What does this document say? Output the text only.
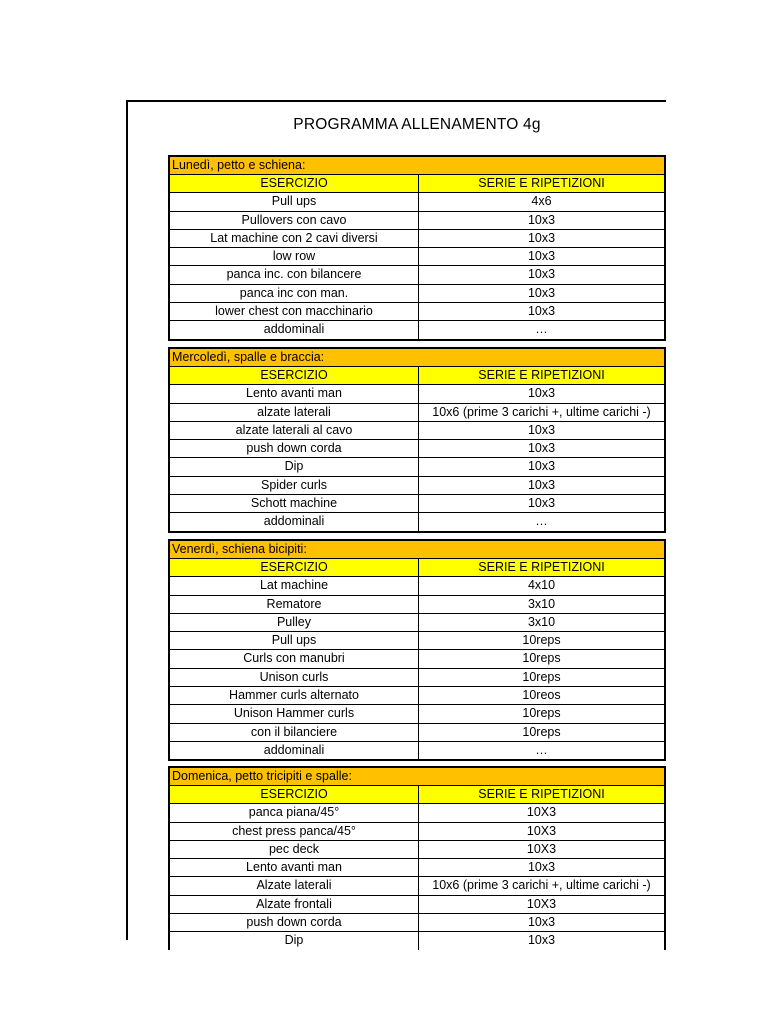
PROGRAMMA ALLENAMENTO 4g
Lunedì, petto e schiena:
ESERCIZIO	SERIE E RIPETIZIONI
Pull ups	4x6
Pullovers con cavo	10x3
Lat machine con 2 cavi diversi	10x3
low row	10x3
panca inc. con bilancere	10x3
panca inc con man.	10x3
lower chest con macchinario	10x3
addominali	…
Mercoledì, spalle e braccia:
ESERCIZIO	SERIE E RIPETIZIONI
Lento avanti man	10x3
alzate laterali	10x6 (prime 3 carichi +, ultime carichi -)
alzate laterali al cavo	10x3
push down corda	10x3
Dip	10x3
Spider curls	10x3
Schott machine	10x3
addominali	…
Venerdì, schiena bicipiti:
ESERCIZIO	SERIE E RIPETIZIONI
Lat machine	4x10
Rematore	3x10
Pulley	3x10
Pull ups	10reps
Curls con manubri	10reps
Unison curls	10reps
Hammer curls alternato	10reos
Unison Hammer curls	10reps
con il bilanciere	10reps
addominali	…
Domenica, petto tricipiti e spalle:
ESERCIZIO	SERIE E RIPETIZIONI
panca piana/45°	10X3
chest press panca/45°	10X3
pec deck	10X3
Lento avanti man	10x3
Alzate laterali	10x6 (prime 3 carichi +, ultime carichi -)
Alzate frontali	10X3
push down corda	10x3
Dip	10x3
